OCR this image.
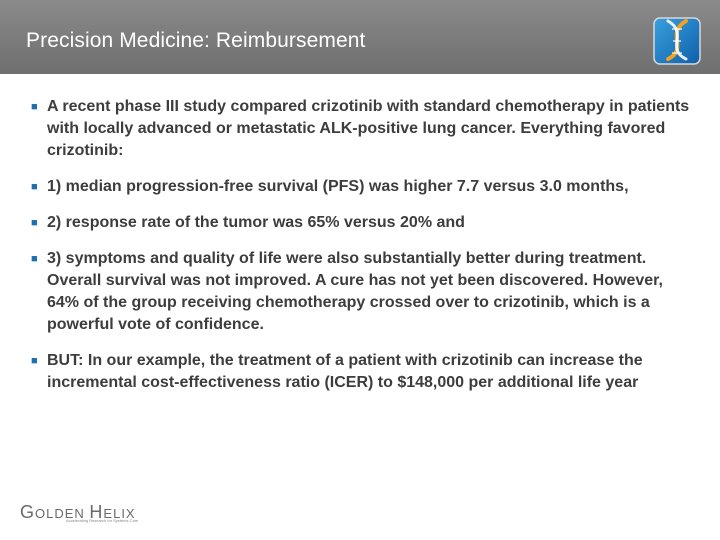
Precision Medicine: Reimbursement
■ A recent phase III study compared crizotinib with standard chemotherapy in patients with locally advanced or metastatic ALK-positive lung cancer. Everything favored crizotinib:
■ 1) median progression-free survival (PFS) was higher 7.7 versus 3.0 months,
■ 2) response rate of the tumor was 65% versus 20% and
■ 3) symptoms and quality of life were also substantially better during treatment. Overall survival was not improved. A cure has not yet been discovered. However, 64% of the group receiving chemotherapy crossed over to crizotinib, which is a powerful vote of confidence.
■ BUT: In our example, the treatment of a patient with crizotinib can increase the incremental cost-effectiveness ratio (ICER) to $148,000 per additional life year
GOLDEN HELIX
Accelerating Research for Systems Care
